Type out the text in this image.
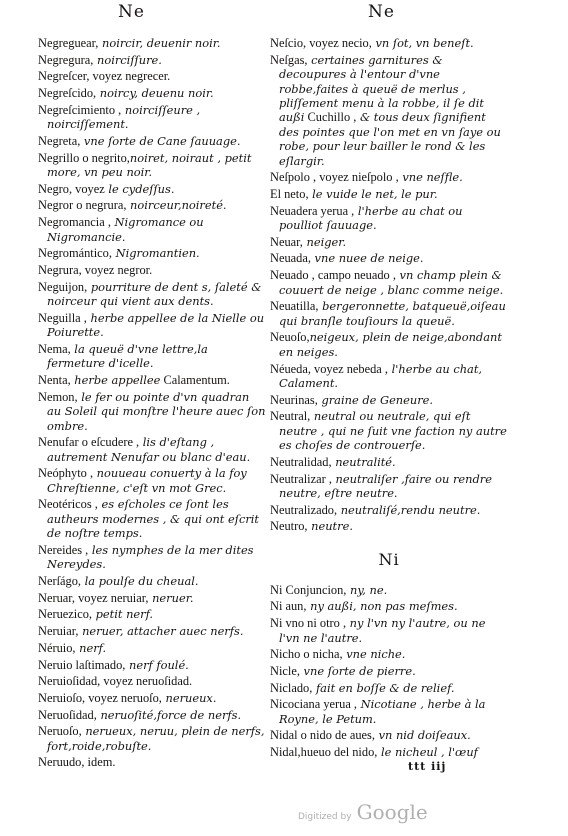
Ne	Ne
Negreguear, noircir, deuenir noir.
Negregura, noirciſſure.
Negreſcer, voyez negrecer.
Negreſcido, noircy, deuenu noir.
Negreſcimiento , noirciſſeure , noirciſſement.
Negreta, vne ſorte de Cane ſauuage.
Negrillo o negrito,noiret, noiraut , petit more, vn peu noir.
Negro, voyez le cydeſſus.
Negror o negrura, noirceur,noireté.
Negromancia , Nigromance ou Nigromancie.
Negromántico, Nigromantien.
Negrura, voyez negror.
Neguijon, pourriture de dent s, ſaleté & noirceur qui vient aux dents.
Neguilla , herbe appellee de la Nielle ou Poiurette.
Nema, la queuë d'vne lettre,la fermeture d'icelle.
Nenta, herbe appellee Calamentum.
Nemon, le fer ou pointe d'vn quadran au Soleil qui monſtre l'heure auec ſon ombre.
Nenufar o eſcudere , lis d'eſtang , autrement Nenufar ou blanc d'eau.
Neóphyto , nouueau conuerty à la foy Chreſtienne, c'eſt vn mot Grec.
Neotéricos , es eſcholes ce ſont les autheurs modernes , & qui ont eſcrit de noſtre temps.
Nereides , les nymphes de la mer dites Nereydes.
Nerſágo, la poulſe du cheual.
Neruar, voyez neruiar, neruer.
Neruezico, petit nerf.
Neruiar, neruer, attacher auec nerfs.
Néruio, nerf.
Neruio laſtimado, nerf foulé.
Neruioſidad, voyez neruoſidad.
Neruioſo, voyez neruoſo, nerueux.
Neruoſidad, neruoſité,force de nerfs.
Neruoſo, nerueux, neruu, plein de nerfs, fort,roide,robuſte.
Neruudo, idem.
Neſcio, voyez necio, vn ſot, vn beneſt.
Neſgas, certaines garnitures & decoupures à l'entour d'vne robbe,faites à queuë de merlus , pliſſement menu à la robbe, il ſe dit außi Cuchillo , & tous deux ſignifient des pointes que l'on met en vn ſaye ou robe, pour leur bailler le rond & les eſlargir.
Neſpolo , voyez nieſpolo , vne neſfle.
El neto, le vuide le net, le pur.
Neuadera yerua , l'herbe au chat ou poulliot ſauuage.
Neuar, neiger.
Neuada, vne nuee de neige.
Neuado , campo neuado , vn champ plein & couuert de neige , blanc comme neige.
Neuatilla, bergeronnette, batqueuë,oiſeau qui branſle touſiours la queuë.
Neuoſo,neigeux, plein de neige,abondant en neiges.
Néueda, voyez nebeda , l'herbe au chat, Calament.
Neurinas, graine de Geneure.
Neutral, neutral ou neutrale, qui eſt neutre , qui ne ſuit vne faction ny autre es choſes de controuerſe.
Neutralidad, neutralité.
Neutralizar , neutraliſer ,faire ou rendre neutre, eſtre neutre.
Neutralizado, neutraliſé,rendu neutre.
Neutro, neutre.
Ni
Ni Conjuncion, ny, ne.
Ni aun, ny außi, non pas meſmes.
Ni vno ni otro , ny l'vn ny l'autre, ou ne l'vn ne l'autre.
Nicho o nicha, vne niche.
Nicle, vne ſorte de pierre.
Niclado, fait en boſſe & de relief.
Nicociana yerua , Nicotiane , herbe à la Royne, le Petum.
Nidal o nido de aues, vn nid doiſeaux.
Nidal,hueuo del nido, le nicheul , l'œuf
ttt iij
Digitized by Google
